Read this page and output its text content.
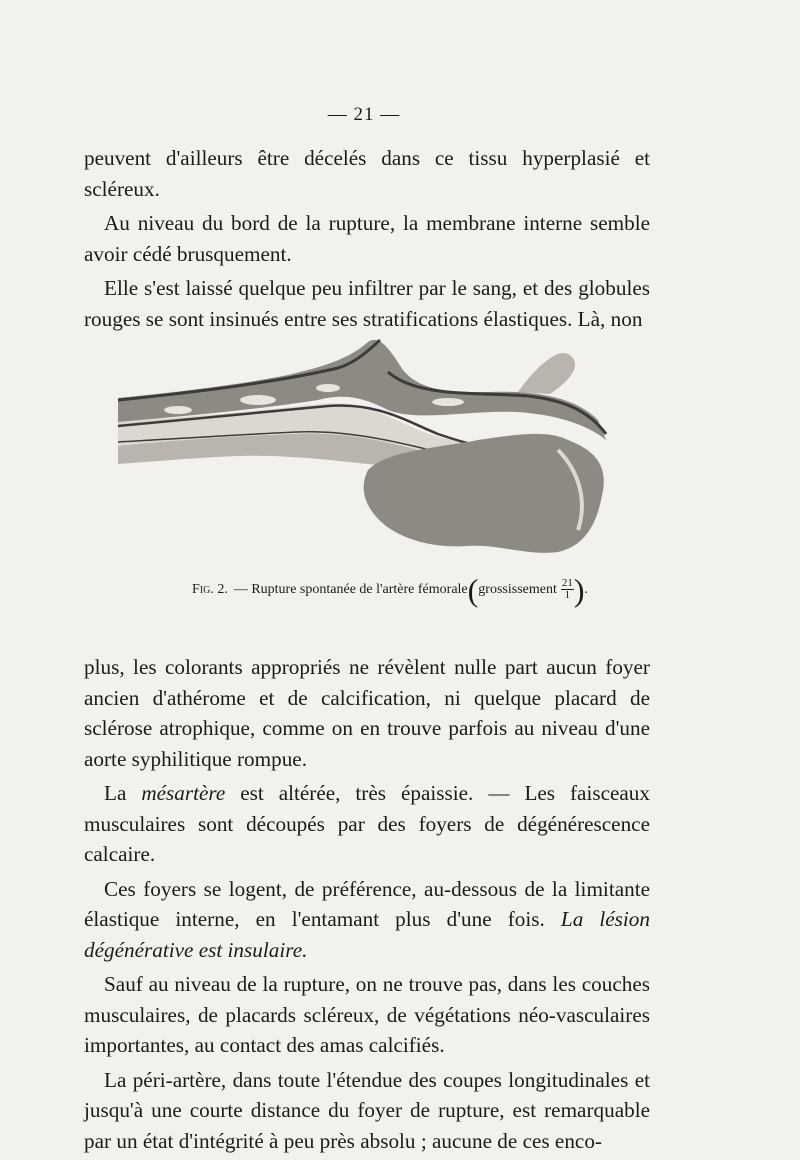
— 21 —

peuvent d'ailleurs être décelés dans ce tissu hyperplasié et scléreux.

Au niveau du bord de la rupture, la membrane interne semble avoir cédé brusquement.

Elle s'est laissé quelque peu infiltrer par le sang, et des globules rouges se sont insinués entre ses stratifications élastiques. Là, non

Fig. 2. — Rupture spontanée de l'artère fémorale ( grossissement $\frac{21}{1}$ ) .

plus, les colorants appropriés ne révèlent nulle part aucun foyer ancien d'athérome et de calcification, ni quelque placard de sclérose atrophique, comme on en trouve parfois au niveau d'une aorte syphilitique rompue.

La mésartère est altérée, très épaissie. — Les faisceaux musculaires sont découpés par des foyers de dégénérescence calcaire.

Ces foyers se logent, de préférence, au-dessous de la limitante élastique interne, en l'entamant plus d'une fois. La lésion dégénérative est insulaire.

Sauf au niveau de la rupture, on ne trouve pas, dans les couches musculaires, de placards scléreux, de végétations néo-vasculaires importantes, au contact des amas calcifiés.

La péri-artère, dans toute l'étendue des coupes longitudinales et jusqu'à une courte distance du foyer de rupture, est remarquable par un état d'intégrité à peu près absolu ; aucune de ces enco-
